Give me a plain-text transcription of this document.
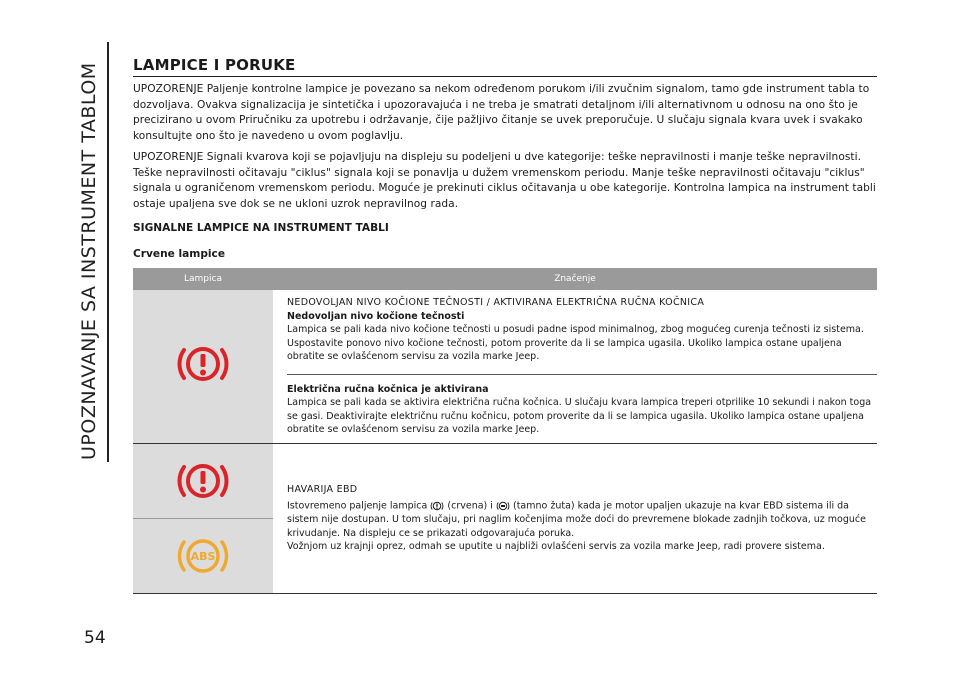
UPOZNAVANJE SA INSTRUMENT TABLOM
54
LAMPICE I PORUKE

UPOZORENJE Paljenje kontrolne lampice je povezano sa nekom određenom porukom i/ili zvučnim signalom, tamo gde instrument tabla to dozvoljava. Ovakva signalizacija je sintetička i upozoravajuća i ne treba je smatrati detaljnom i/ili alternativnom u odnosu na ono što je precizirano u ovom Priručniku za upotrebu i održavanje, čije pažljivo čitanje se uvek preporučuje. U slučaju signala kvara uvek i svakako konsultujte ono što je navedeno u ovom poglavlju.

UPOZORENJE Signali kvarova koji se pojavljuju na displeju su podeljeni u dve kategorije: teške nepravilnosti i manje teške nepravilnosti. Teške nepravilnosti očitavaju "ciklus" signala koji se ponavlja u dužem vremenskom periodu. Manje teške nepravilnosti očitavaju "ciklus" signala u ograničenom vremenskom periodu. Moguće je prekinuti ciklus očitavanja u obe kategorije. Kontrolna lampica na instrument tabli ostaje upaljena sve dok se ne ukloni uzrok nepravilnog rada.

SIGNALNE LAMPICE NA INSTRUMENT TABLI

Crvene lampice

Lampica	Značenje

NEDOVOLJAN NIVO KOČIONE TEČNOSTI / AKTIVIRANA ELEKTRIČNA RUČNA KOČNICA
Nedovoljan nivo kočione tečnosti
Lampica se pali kada nivo kočione tečnosti u posudi padne ispod minimalnog, zbog mogućeg curenja tečnosti iz sistema. Uspostavite ponovo nivo kočione tečnosti, potom proverite da li se lampica ugasila. Ukoliko lampica ostane upaljena obratite se ovlašćenom servisu za vozila marke Jeep.
Električna ručna kočnica je aktivirana
Lampica se pali kada se aktivira električna ručna kočnica. U slučaju kvara lampica treperi otprilike 10 sekundi i nakon toga se gasi. Deaktivirajte električnu ručnu kočnicu, potom proverite da li se lampica ugasila. Ukoliko lampica ostane upaljena obratite se ovlašćenom servisu za vozila marke Jeep.

ABS	HAVARIJA EBD
Istovremeno paljenje lampica (crvena) i (tamno žuta) kada je motor upaljen ukazuje na kvar EBD sistema ili da sistem nije dostupan. U tom slučaju, pri naglim kočenjima može doći do prevremene blokade zadnjih točkova, uz moguće krivudanje. Na displeju ce se prikazati odgovarajuća poruka.
Vožnjom uz krajnji oprez, odmah se uputite u najbliži ovlašćeni servis za vozila marke Jeep, radi provere sistema.
